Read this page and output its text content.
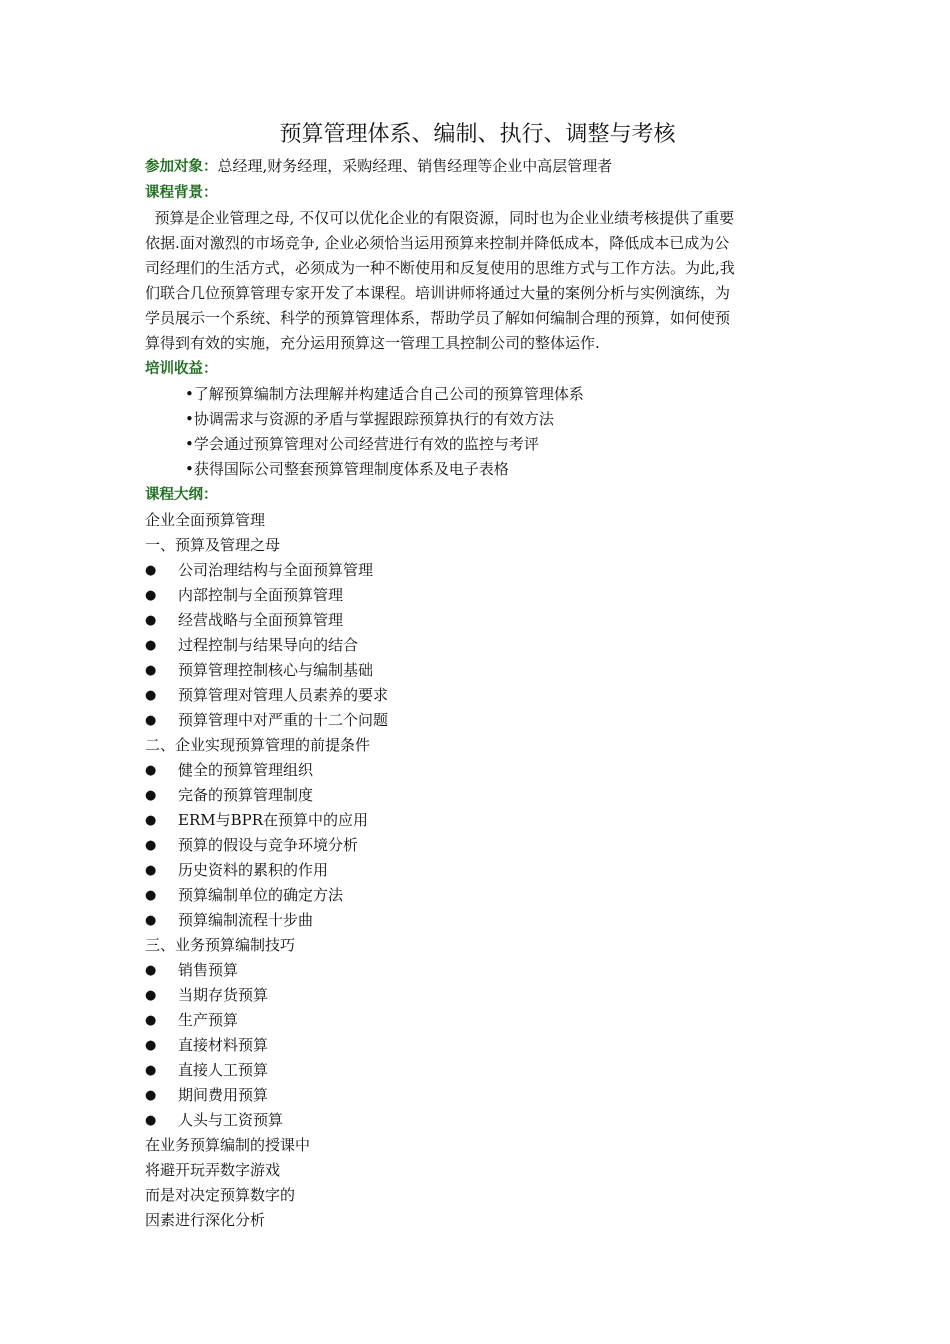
预算管理体系、编制、执行、调整与考核
参加对象：总经理,财务经理，采购经理、销售经理等企业中高层管理者
课程背景：
预算是企业管理之母, 不仅可以优化企业的有限资源，同时也为企业业绩考核提供了重要
依据.面对激烈的市场竞争, 企业必须恰当运用预算来控制并降低成本，降低成本已成为公
司经理们的生活方式，必须成为一种不断使用和反复使用的思维方式与工作方法。为此,我
们联合几位预算管理专家开发了本课程。培训讲师将通过大量的案例分析与实例演练，为
学员展示一个系统、科学的预算管理体系，帮助学员了解如何编制合理的预算，如何使预
算得到有效的实施，充分运用预算这一管理工具控制公司的整体运作.
培训收益：
•了解预算编制方法理解并构建适合自己公司的预算管理体系
•协调需求与资源的矛盾与掌握跟踪预算执行的有效方法
•学会通过预算管理对公司经营进行有效的监控与考评
•获得国际公司整套预算管理制度体系及电子表格
课程大纲：
企业全面预算管理
一、预算及管理之母
●	公司治理结构与全面预算管理
●	内部控制与全面预算管理
●	经营战略与全面预算管理
●	过程控制与结果导向的结合
●	预算管理控制核心与编制基础
●	预算管理对管理人员素养的要求
●	预算管理中对严重的十二个问题
二、企业实现预算管理的前提条件
●	健全的预算管理组织
●	完备的预算管理制度
●	ERM与BPR在预算中的应用
●	预算的假设与竞争环境分析
●	历史资料的累积的作用
●	预算编制单位的确定方法
●	预算编制流程十步曲
三、业务预算编制技巧
●	销售预算
●	当期存货预算
●	生产预算
●	直接材料预算
●	直接人工预算
●	期间费用预算
●	人头与工资预算
在业务预算编制的授课中
将避开玩弄数字游戏
而是对决定预算数字的
因素进行深化分析
